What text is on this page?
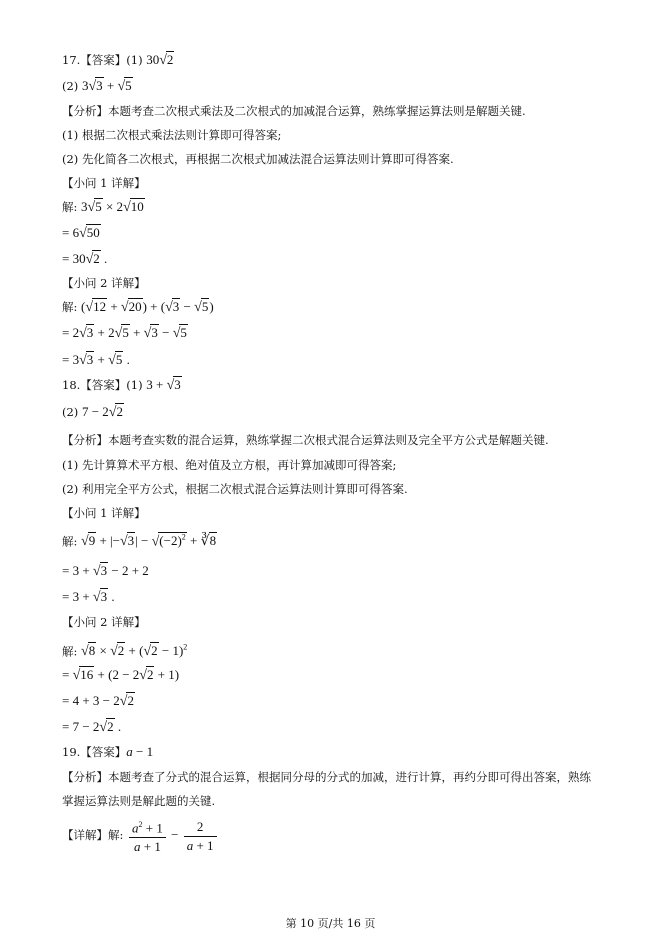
17.【答案】(1) 30√2
(2) 3√3 + √5
【分析】本题考查二次根式乘法及二次根式的加减混合运算，熟练掌握运算法则是解题关键.
(1) 根据二次根式乘法法则计算即可得答案;
(2) 先化简各二次根式，再根据二次根式加减法混合运算法则计算即可得答案.
【小问 1 详解】
解: 3√5 × 2√10
= 6√50
= 30√2 .
【小问 2 详解】
解: (√12 + √20) + (√3 − √5)
= 2√3 + 2√5 + √3 − √5
= 3√3 + √5 .
18.【答案】(1) 3 + √3
(2) 7 − 2√2
【分析】本题考查实数的混合运算，熟练掌握二次根式混合运算法则及完全平方公式是解题关键.
(1) 先计算算术平方根、绝对值及立方根，再计算加减即可得答案;
(2) 利用完全平方公式，根据二次根式混合运算法则计算即可得答案.
【小问 1 详解】
解: $√9 + |-√3| - √(-2)^2$ + ∛8
= 3 + √3 − 2 + 2
= 3 + √3 .
【小问 2 详解】
解: $√8 \times √2 + (√2 - 1)^2$
= √16 + (2 − 2√2 + 1)
= 4 + 3 − 2√2
= 7 − 2√2 .
19.【答案】a − 1
【分析】本题考查了分式的混合运算，根据同分母的分式的加减，进行计算，再约分即可得出答案，熟练
掌握运算法则是解此题的关键.
【详解】解: $\frac{a^2 + 1}{a + 1} - \frac{2}{a + 1}$
第 10 页/共 16 页
